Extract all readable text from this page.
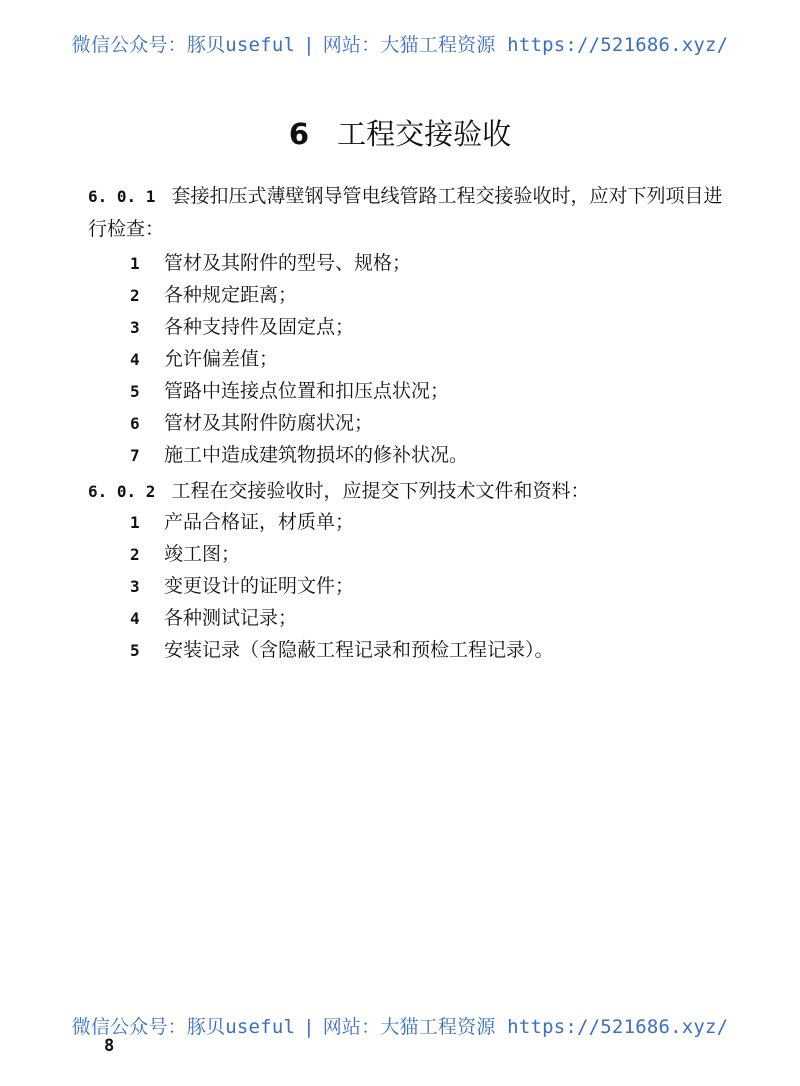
微信公众号：豚贝useful | 网站：大猫工程资源 https://521686.xyz/
6 工程交接验收
6. 0. 1 套接扣压式薄壁钢导管电线管路工程交接验收时，应对下列项目进行检查：
1 管材及其附件的型号、规格；
2 各种规定距离；
3 各种支持件及固定点；
4 允许偏差值；
5 管路中连接点位置和扣压点状况；
6 管材及其附件防腐状况；
7 施工中造成建筑物损坏的修补状况。
6. 0. 2 工程在交接验收时，应提交下列技术文件和资料：
1 产品合格证，材质单；
2 竣工图；
3 变更设计的证明文件；
4 各种测试记录；
5 安装记录（含隐蔽工程记录和预检工程记录）。
微信公众号：豚贝useful | 网站：大猫工程资源 https://521686.xyz/
8
